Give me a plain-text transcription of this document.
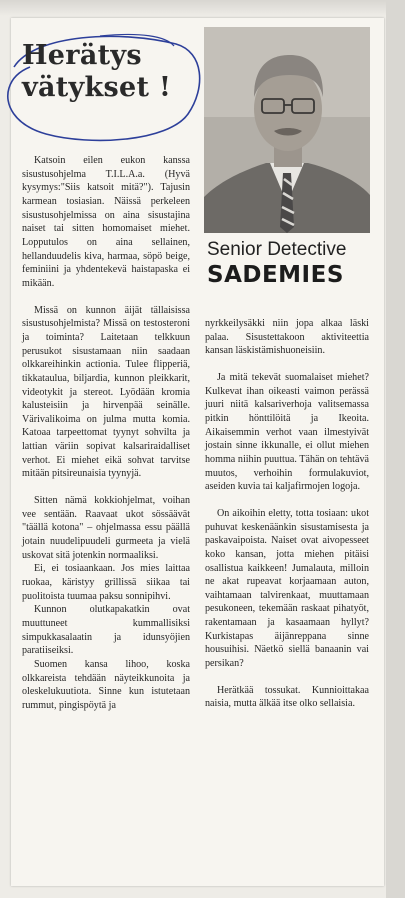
Herätys
vätykset !
Senior Detective
SADEMIES

Katsoin eilen eukon kanssa sisustusohjelma T.I.L.A.a. (Hyvä kysymys:"Siis katsoit mitä?"). Tajusin karmean tosiasian. Näissä perkeleen sisustusohjelmissa on aina sisustajina naiset tai sitten homomaiset miehet. Lopputulos on aina sellainen, hellanduudelis kiva, harmaa, söpö beige, feminiini ja yhdentekevä haistapaska ei mikään.

Missä on kunnon äijät tällaisissa sisustusohjelmista? Missä on testosteroni ja toiminta? Laitetaan telkkuun perusukot sisustamaan niin saadaan olkkareihinkin actionia. Tulee flipperiä, tikkataulua, biljardia, kunnon pleikkarit, videotykit ja stereot. Lyödään kromia kalusteisiin ja hirvenpää seinälle. Värivalikoima on julma mutta komia. Katoaa tarpeettomat tyynyt sohvilta ja lattian väriin sopivat kalsariraidalliset verhot. Ei miehet eikä sohvat tarvitse mitään pitsireunaisia tyynyjä.

Sitten nämä kokkiohjelmat, voihan vee sentään. Raavaat ukot sössäävät "täällä kotona" – ohjelmassa essu päällä jotain nuudelipuudeli gurmeeta ja vielä uskovat sitä jotenkin normaaliksi.

Ei, ei tosiaankaan. Jos mies laittaa ruokaa, käristyy grillissä siikaa tai puolitoista tuumaa paksu sonnipihvi.

Kunnon olutkapakatkin ovat muuttuneet kummallisiksi simpukkasalaatin ja idunsyöjien paratiiseiksi.

Suomen kansa lihoo, koska olkkareista tehdään näyteikkunoita ja oleskelukuutiota. Sinne kun istutetaan rummut, pingispöytä ja

nyrkkeilysäkki niin jopa alkaa läski palaa. Sisustettakoon aktiviteettia kansan läskistämishuoneisiin.

Ja mitä tekevät suomalaiset miehet? Kulkevat ihan oikeasti vaimon perässä juuri niitä kalsariverhoja valitsemassa pitkin hönttilöitä ja Ikeoita. Aikaisemmin verhot vaan ilmestyivät jostain sinne ikkunalle, ei ollut miehen homma niihin puuttua. Tähän on tehtävä muutos, verhoihin formulakuviot, aseiden kuvia tai kaljafirmojen logoja.

On aikoihin eletty, totta tosiaan: ukot puhuvat keskenäänkin sisustamisesta ja paskavaipoista. Naiset ovat aivopesseet koko kansan, jotta miehen pitäisi osallistua kaikkeen! Jumalauta, milloin ne akat rupeavat korjaamaan auton, vaihtamaan talvirenkaat, muuttamaan pesukoneen, tekemään raskaat pihatyöt, rakentamaan ja kasaamaan hyllyt? Kurkistapas äijänreppana sinne housuihisi. Näetkö siellä banaanin vai persikan?

Herätkää tossukat. Kunnioittakaa naisia, mutta älkää itse olko sellaisia.
